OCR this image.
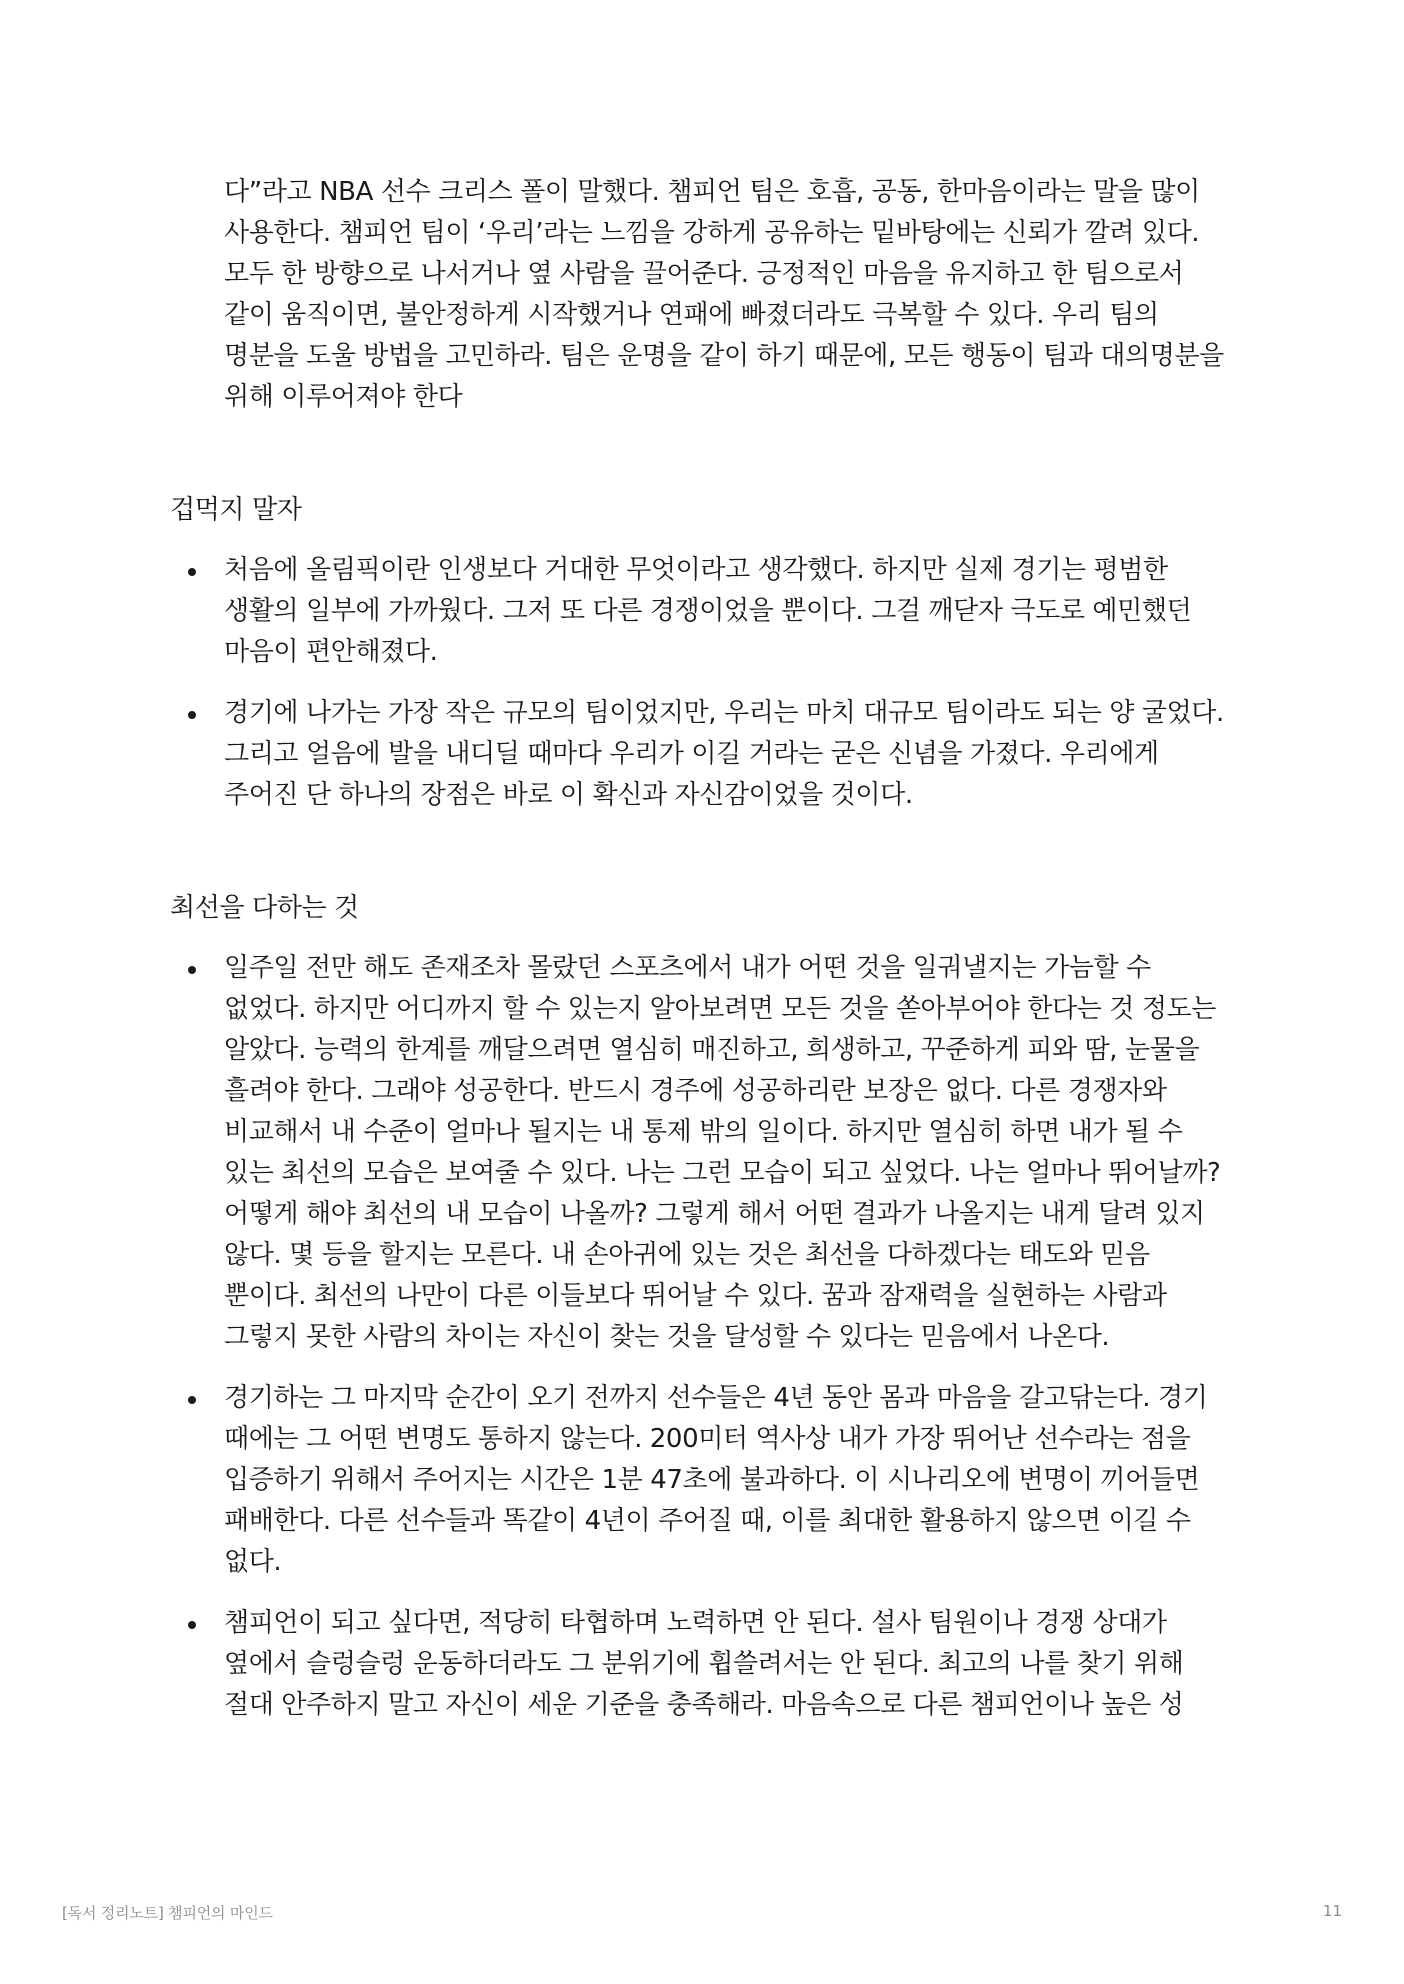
다”라고 NBA 선수 크리스 폴이 말했다. 챔피언 팀은 호흡, 공동, 한마음이라는 말을 많이 사용한다. 챔피언 팀이 ‘우리’라는 느낌을 강하게 공유하는 밑바탕에는 신뢰가 깔려 있다. 모두 한 방향으로 나서거나 옆 사람을 끌어준다. 긍정적인 마음을 유지하고 한 팀으로서 같이 움직이면, 불안정하게 시작했거나 연패에 빠졌더라도 극복할 수 있다. 우리 팀의 명분을 도울 방법을 고민하라. 팀은 운명을 같이 하기 때문에, 모든 행동이 팀과 대의명분을 위해 이루어져야 한다

겁먹지 말자
처음에 올림픽이란 인생보다 거대한 무엇이라고 생각했다. 하지만 실제 경기는 평범한 생활의 일부에 가까웠다. 그저 또 다른 경쟁이었을 뿐이다. 그걸 깨닫자 극도로 예민했던 마음이 편안해졌다.
경기에 나가는 가장 작은 규모의 팀이었지만, 우리는 마치 대규모 팀이라도 되는 양 굴었다. 그리고 얼음에 발을 내디딜 때마다 우리가 이길 거라는 굳은 신념을 가졌다. 우리에게 주어진 단 하나의 장점은 바로 이 확신과 자신감이었을 것이다.
최선을 다하는 것
일주일 전만 해도 존재조차 몰랐던 스포츠에서 내가 어떤 것을 일궈낼지는 가늠할 수 없었다. 하지만 어디까지 할 수 있는지 알아보려면 모든 것을 쏟아부어야 한다는 것 정도는 알았다. 능력의 한계를 깨달으려면 열심히 매진하고, 희생하고, 꾸준하게 피와 땀, 눈물을 흘려야 한다. 그래야 성공한다. 반드시 경주에 성공하리란 보장은 없다. 다른 경쟁자와 비교해서 내 수준이 얼마나 될지는 내 통제 밖의 일이다. 하지만 열심히 하면 내가 될 수 있는 최선의 모습은 보여줄 수 있다. 나는 그런 모습이 되고 싶었다. 나는 얼마나 뛰어날까? 어떻게 해야 최선의 내 모습이 나올까? 그렇게 해서 어떤 결과가 나올지는 내게 달려 있지 않다. 몇 등을 할지는 모른다. 내 손아귀에 있는 것은 최선을 다하겠다는 태도와 믿음 뿐이다. 최선의 나만이 다른 이들보다 뛰어날 수 있다. 꿈과 잠재력을 실현하는 사람과 그렇지 못한 사람의 차이는 자신이 찾는 것을 달성할 수 있다는 믿음에서 나온다.
경기하는 그 마지막 순간이 오기 전까지 선수들은 4년 동안 몸과 마음을 갈고닦는다. 경기 때에는 그 어떤 변명도 통하지 않는다. 200미터 역사상 내가 가장 뛰어난 선수라는 점을 입증하기 위해서 주어지는 시간은 1분 47초에 불과하다. 이 시나리오에 변명이 끼어들면 패배한다. 다른 선수들과 똑같이 4년이 주어질 때, 이를 최대한 활용하지 않으면 이길 수 없다.
챔피언이 되고 싶다면, 적당히 타협하며 노력하면 안 된다. 설사 팀원이나 경쟁 상대가 옆에서 슬렁슬렁 운동하더라도 그 분위기에 휩쓸려서는 안 된다. 최고의 나를 찾기 위해 절대 안주하지 말고 자신이 세운 기준을 충족해라. 마음속으로 다른 챔피언이나 높은 성
[독서 정리노트] 챔피언의 마인드	11
